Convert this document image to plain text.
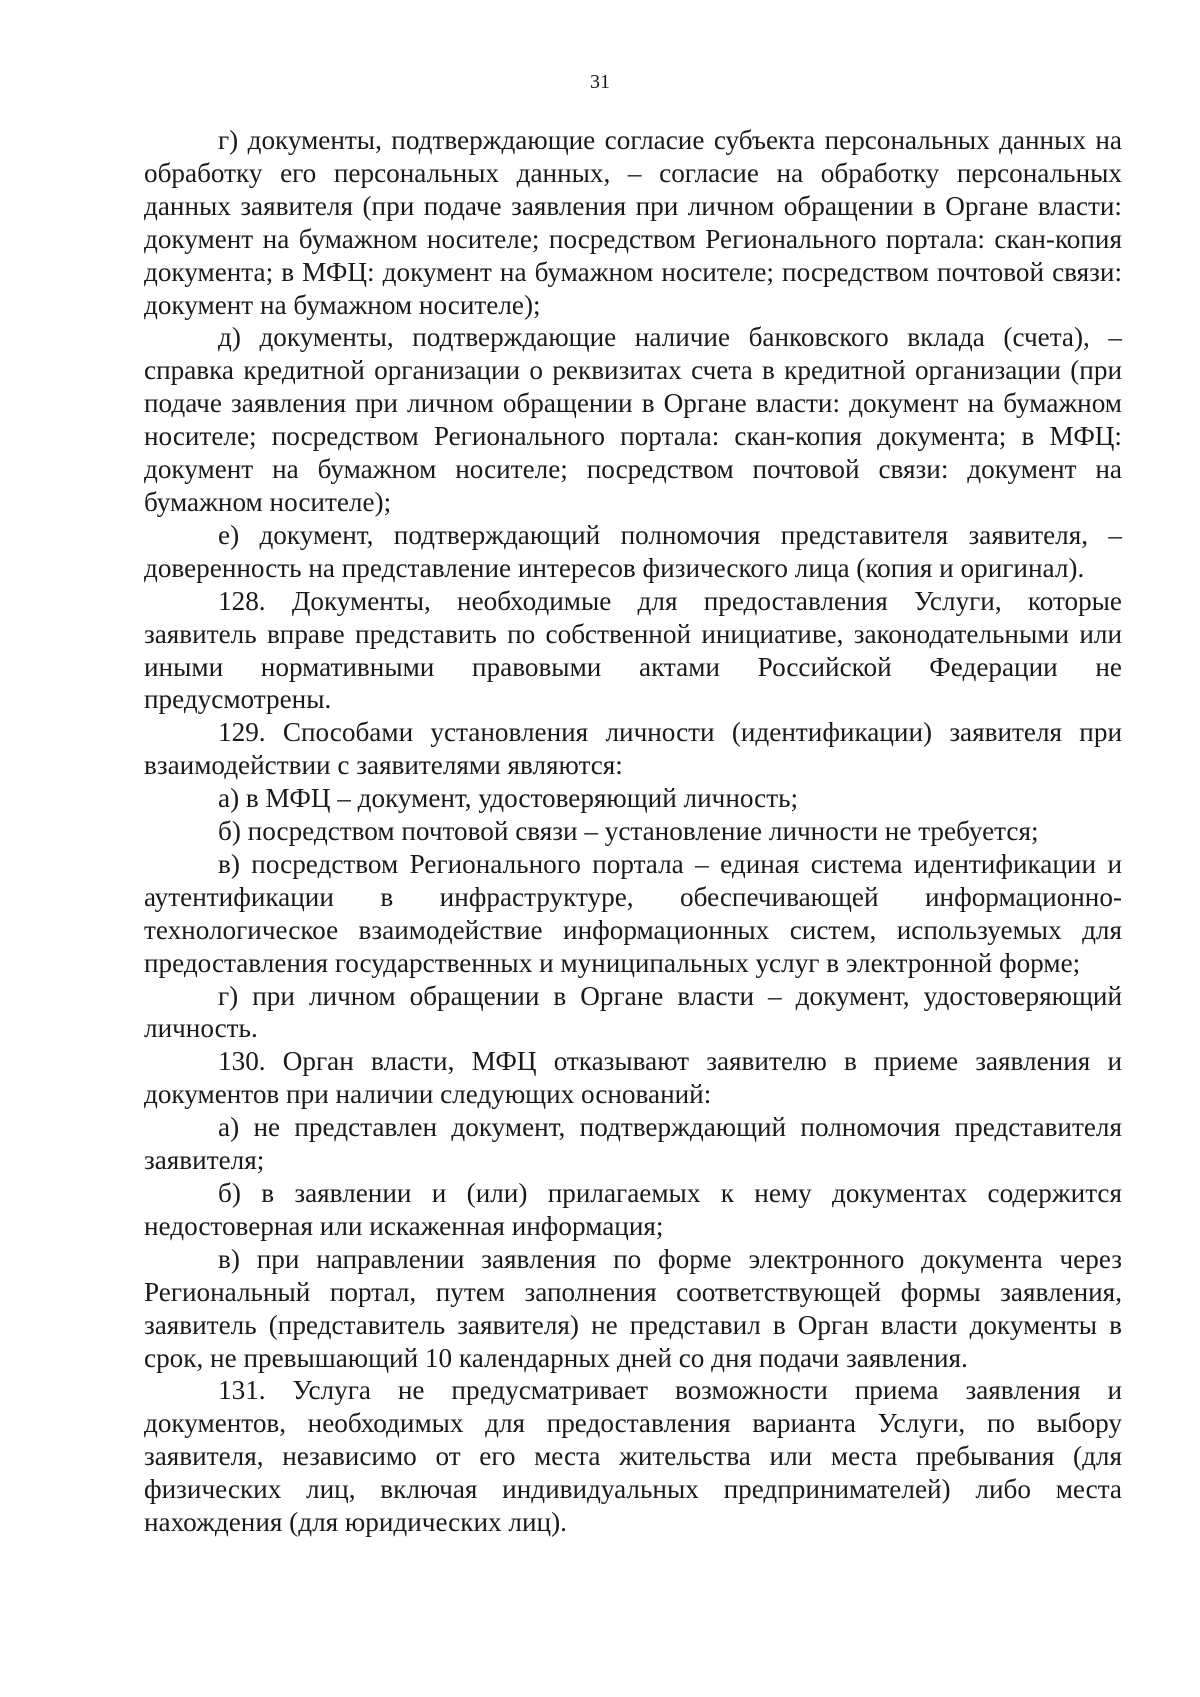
31

г) документы, подтверждающие согласие субъекта персональных данных на обработку его персональных данных, – согласие на обработку персональных данных заявителя (при подаче заявления при личном обращении в Органе власти: документ на бумажном носителе; посредством Регионального портала: скан-копия документа; в МФЦ: документ на бумажном носителе; посредством почтовой связи: документ на бумажном носителе);

д) документы, подтверждающие наличие банковского вклада (счета), – справка кредитной организации о реквизитах счета в кредитной организации (при подаче заявления при личном обращении в Органе власти: документ на бумажном носителе; посредством Регионального портала: скан-копия документа; в МФЦ: документ на бумажном носителе; посредством почтовой связи: документ на бумажном носителе);

е) документ, подтверждающий полномочия представителя заявителя, – доверенность на представление интересов физического лица (копия и оригинал).

128. Документы, необходимые для предоставления Услуги, которые заявитель вправе представить по собственной инициативе, законодательными или иными нормативными правовыми актами Российской Федерации не предусмотрены.

129. Способами установления личности (идентификации) заявителя при взаимодействии с заявителями являются:

а) в МФЦ – документ, удостоверяющий личность;

б) посредством почтовой связи – установление личности не требуется;

в) посредством Регионального портала – единая система идентификации и аутентификации в инфраструктуре, обеспечивающей информационно-технологическое взаимодействие информационных систем, используемых для предоставления государственных и муниципальных услуг в электронной форме;

г) при личном обращении в Органе власти – документ, удостоверяющий личность.

130. Орган власти, МФЦ отказывают заявителю в приеме заявления и документов при наличии следующих оснований:

а) не представлен документ, подтверждающий полномочия представителя заявителя;

б) в заявлении и (или) прилагаемых к нему документах содержится недостоверная или искаженная информация;

в) при направлении заявления по форме электронного документа через Региональный портал, путем заполнения соответствующей формы заявления, заявитель (представитель заявителя) не представил в Орган власти документы в срок, не превышающий 10 календарных дней со дня подачи заявления.

131. Услуга не предусматривает возможности приема заявления и документов, необходимых для предоставления варианта Услуги, по выбору заявителя, независимо от его места жительства или места пребывания (для физических лиц, включая индивидуальных предпринимателей) либо места нахождения (для юридических лиц).
